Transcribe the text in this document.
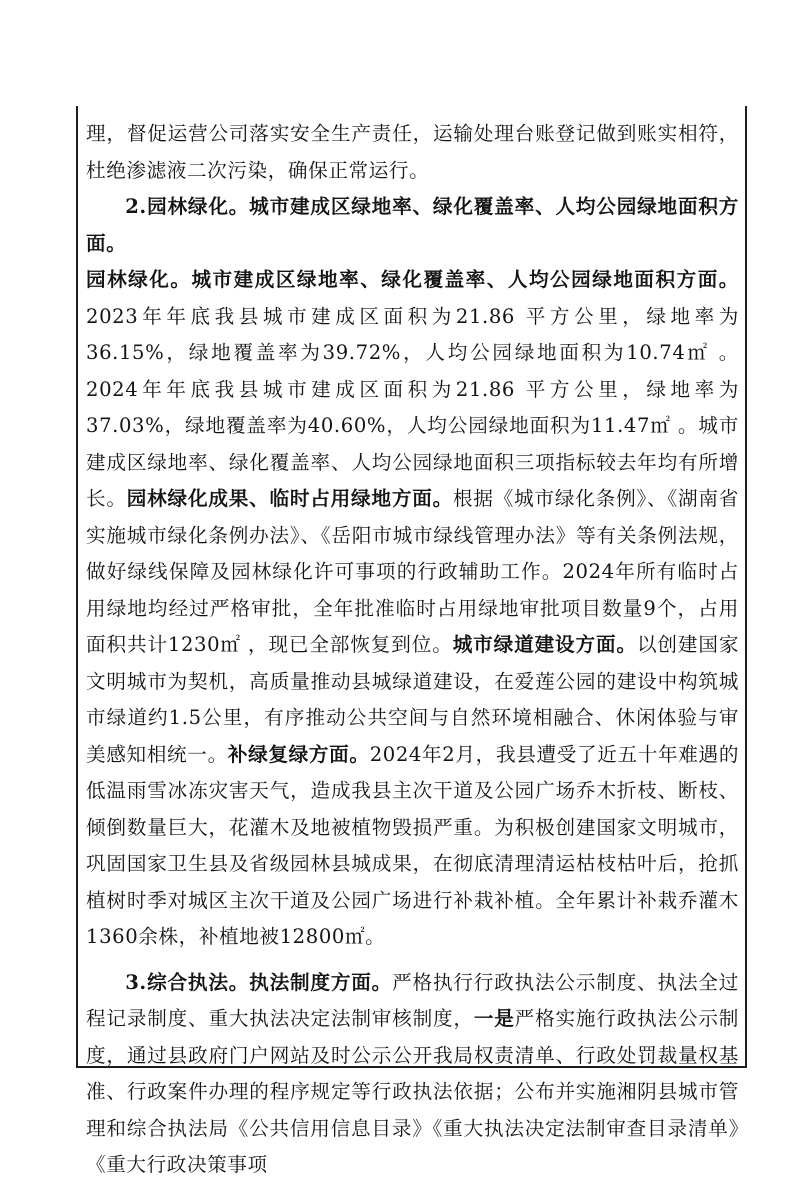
理，督促运营公司落实安全生产责任，运输处理台账登记做到账实相符，杜绝渗滤液二次污染，确保正常运行。

2.园林绿化。城市建成区绿地率、绿化覆盖率、人均公园绿地面积方面。

园林绿化。城市建成区绿地率、绿化覆盖率、人均公园绿地面积方面。2023年年底我县城市建成区面积为21.86 平方公里，绿地率为36.15%，绿地覆盖率为39.72%，人均公园绿地面积为10.74㎡ 。2024年年底我县城市建成区面积为21.86 平方公里，绿地率为37.03%，绿地覆盖率为40.60%，人均公园绿地面积为11.47㎡ 。城市建成区绿地率、绿化覆盖率、人均公园绿地面积三项指标较去年均有所增长。园林绿化成果、临时占用绿地方面。根据《城市绿化条例》、《湖南省实施城市绿化条例办法》、《岳阳市城市绿线管理办法》等有关条例法规，做好绿线保障及园林绿化许可事项的行政辅助工作。2024年所有临时占用绿地均经过严格审批，全年批准临时占用绿地审批项目数量9个，占用面积共计1230㎡ ，现已全部恢复到位。城市绿道建设方面。以创建国家文明城市为契机，高质量推动县城绿道建设，在爱莲公园的建设中构筑城市绿道约1.5公里，有序推动公共空间与自然环境相融合、休闲体验与审美感知相统一。补绿复绿方面。2024年2月，我县遭受了近五十年难遇的低温雨雪冰冻灾害天气，造成我县主次干道及公园广场乔木折枝、断枝、倾倒数量巨大，花灌木及地被植物毁损严重。为积极创建国家文明城市，巩固国家卫生县及省级园林县城成果，在彻底清理清运枯枝枯叶后，抢抓植树时季对城区主次干道及公园广场进行补栽补植。全年累计补栽乔灌木1360余株，补植地被12800㎡。

3.综合执法。执法制度方面。严格执行行政执法公示制度、执法全过程记录制度、重大执法决定法制审核制度，一是严格实施行政执法公示制度，通过县政府门户网站及时公示公开我局权责清单、行政处罚裁量权基准、行政案件办理的程序规定等行政执法依据；公布并实施湘阴县城市管理和综合执法局《公共信用信息目录》《重大执法决定法制审查目录清单》《重大行政决策事项
